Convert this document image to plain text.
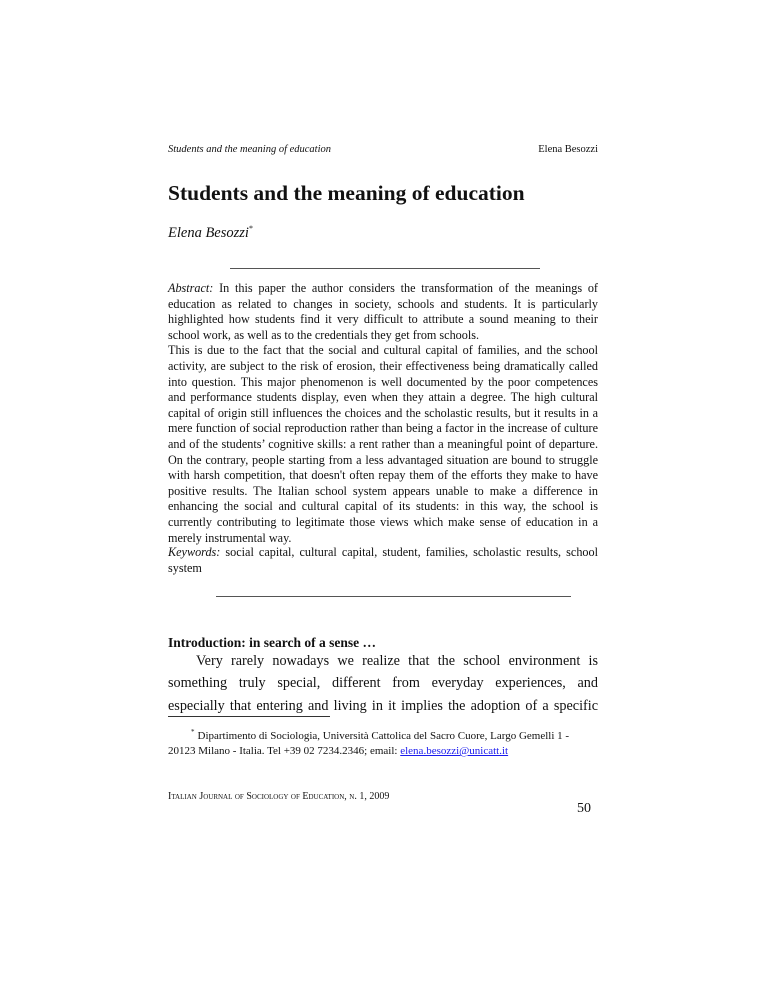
Students and the meaning of education	Elena Besozzi
Students and the meaning of education
Elena Besozzi*

Abstract: In this paper the author considers the transformation of the meanings of education as related to changes in society, schools and students. It is particularly highlighted how students find it very difficult to attribute a sound meaning to their school work, as well as to the credentials they get from schools.

This is due to the fact that the social and cultural capital of families, and the school activity, are subject to the risk of erosion, their effectiveness being dramatically called into question. This major phenomenon is well documented by the poor competences and performance students display, even when they attain a degree. The high cultural capital of origin still influences the choices and the scholastic results, but it results in a mere function of social reproduction rather than being a factor in the increase of culture and of the students’ cognitive skills: a rent rather than a meaningful point of departure. On the contrary, people starting from a less advantaged situation are bound to struggle with harsh competition, that doesn't often repay them of the efforts they make to have positive results. The Italian school system appears unable to make a difference in enhancing the social and cultural capital of its students: in this way, the school is currently contributing to legitimate those views which make sense of education in a merely instrumental way.

Keywords: social capital, cultural capital, student, families, scholastic results, school system

Introduction: in search of a sense …

Very rarely nowadays we realize that the school environment is something truly special, different from everyday experiences, and especially that entering and living in it implies the adoption of a specific

* Dipartimento di Sociologia, Università Cattolica del Sacro Cuore, Largo Gemelli 1 - 20123 Milano - Italia. Tel +39 02 7234.2346; email: elena.besozzi@unicatt.it

Italian Journal of Sociology of Education, n. 1, 2009
50
